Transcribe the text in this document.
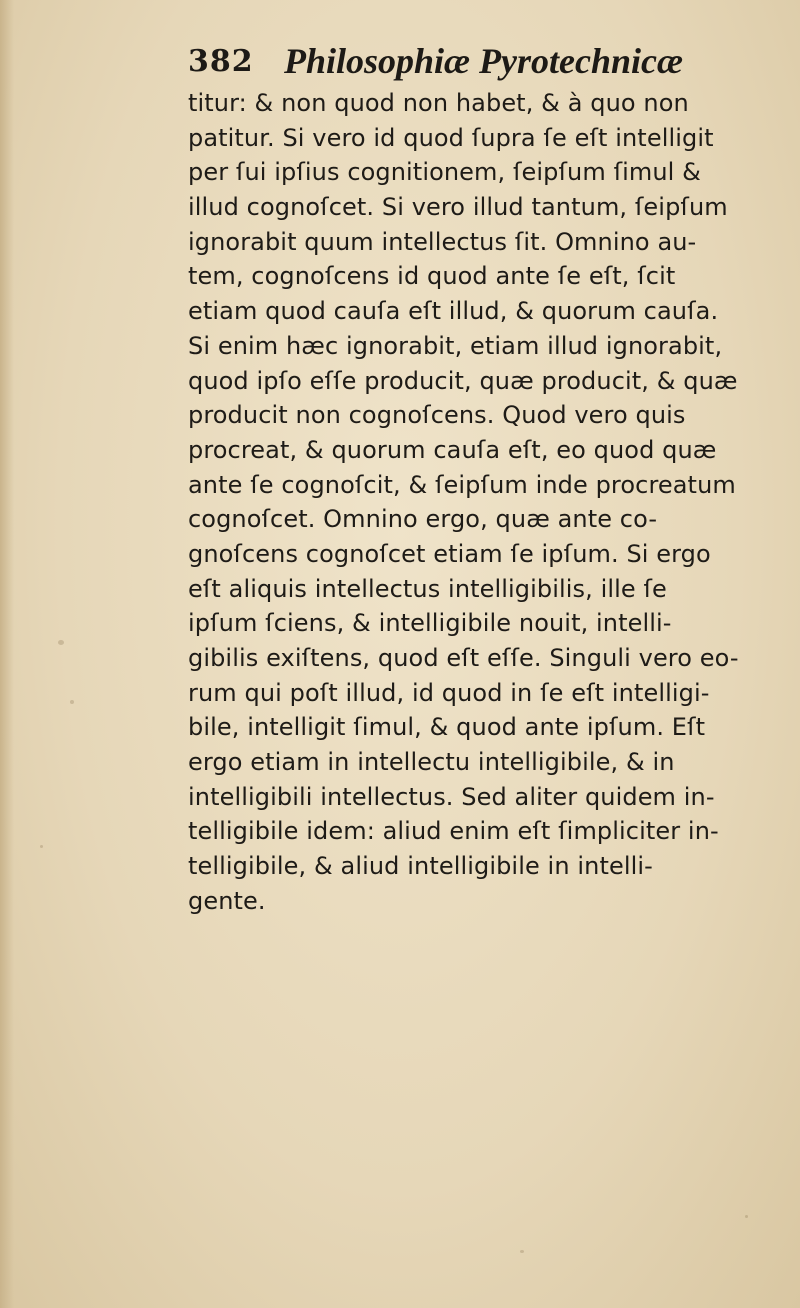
382 Philosophiæ Pyrotechnicæ
titur: & non quod non habet, & à quo non
patitur. Si vero id quod ſupra ſe eſt intelligit
per ſui ipſius cognitionem, ſeipſum ſimul &
illud cognoſcet. Si vero illud tantum, ſeipſum
ignorabit quum intellectus ſit. Omnino au-
tem, cognoſcens id quod ante ſe eſt, ſcit
etiam quod cauſa eſt illud, & quorum cauſa.
Si enim hæc ignorabit, etiam illud ignorabit,
quod ipſo eſſe producit, quæ producit, & quæ
producit non cognoſcens. Quod vero quis
procreat, & quorum cauſa eſt, eo quod quæ
ante ſe cognoſcit, & ſeipſum inde procreatum
cognoſcet. Omnino ergo, quæ ante co-
gnoſcens cognoſcet etiam ſe ipſum. Si ergo
eſt aliquis intellectus intelligibilis, ille ſe
ipſum ſciens, & intelligibile nouit, intelli-
gibilis exiſtens, quod eſt eſſe. Singuli vero eo-
rum qui poſt illud, id quod in ſe eſt intelligi-
bile, intelligit ſimul, & quod ante ipſum. Eſt
ergo etiam in intellectu intelligibile, & in
intelligibili intellectus. Sed aliter quidem in-
telligibile idem: aliud enim eſt ſimpliciter in-
telligibile, & aliud intelligibile in intelli-
gente.
